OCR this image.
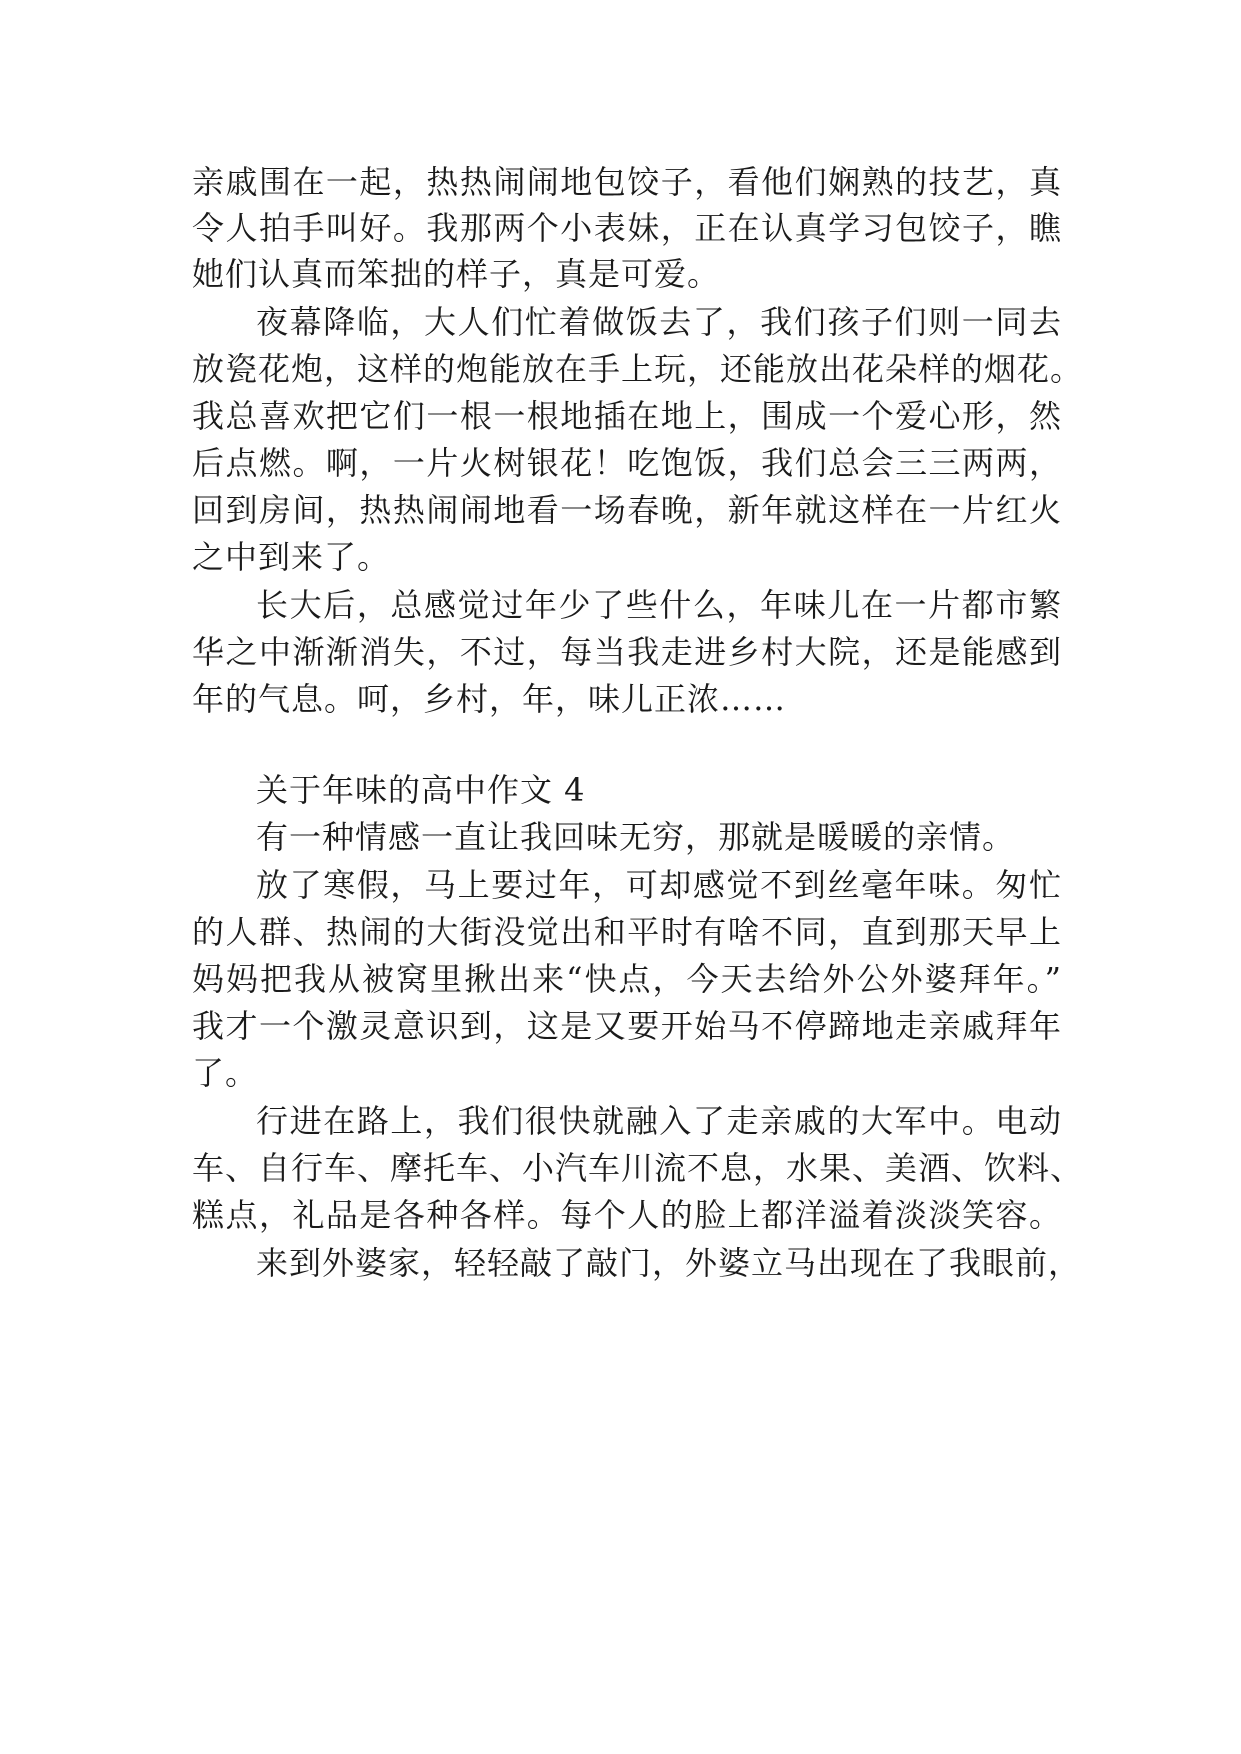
亲戚围在一起，热热闹闹地包饺子，看他们娴熟的技艺，真
令人拍手叫好。我那两个小表妹，正在认真学习包饺子，瞧
她们认真而笨拙的样子，真是可爱。
夜幕降临，大人们忙着做饭去了，我们孩子们则一同去
放瓷花炮，这样的炮能放在手上玩，还能放出花朵样的烟花。
我总喜欢把它们一根一根地插在地上，围成一个爱心形，然
后点燃。啊，一片火树银花！吃饱饭，我们总会三三两两，
回到房间，热热闹闹地看一场春晚，新年就这样在一片红火
之中到来了。
长大后，总感觉过年少了些什么，年味儿在一片都市繁
华之中渐渐消失，不过，每当我走进乡村大院，还是能感到
年的气息。呵，乡村，年，味儿正浓……
关于年味的高中作文 4
有一种情感一直让我回味无穷，那就是暖暖的亲情。
放了寒假，马上要过年，可却感觉不到丝毫年味。匆忙
的人群、热闹的大街没觉出和平时有啥不同，直到那天早上
妈妈把我从被窝里揪出来“快点，今天去给外公外婆拜年。”
我才一个激灵意识到，这是又要开始马不停蹄地走亲戚拜年
了。
行进在路上，我们很快就融入了走亲戚的大军中。电动
车、自行车、摩托车、小汽车川流不息，水果、美酒、饮料、
糕点，礼品是各种各样。每个人的脸上都洋溢着淡淡笑容。
来到外婆家，轻轻敲了敲门，外婆立马出现在了我眼前，
